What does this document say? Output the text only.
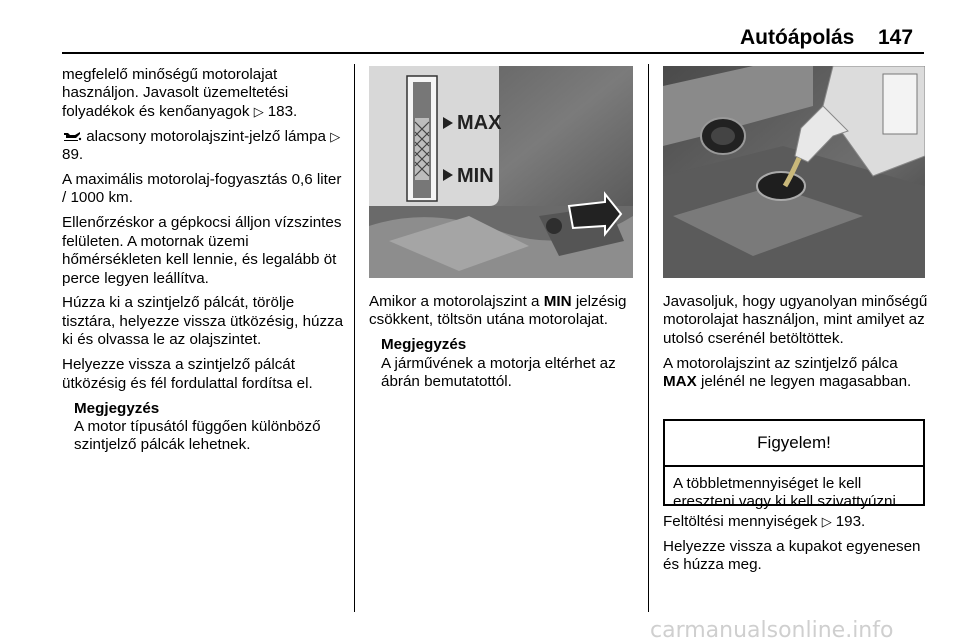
Autóápolás 147

megfelelő minőségű motorolajat használjon. Javasolt üzemeltetési folyadékok és kenőanyagok ▷ 183.

alacsony motorolajszint-jelző lámpa ▷89.

A maximális motorolaj-fogyasztás 0,6 liter / 1000 km.

Ellenőrzéskor a gépkocsi álljon vízszintes felületen. A motornak üzemi hőmérsékleten kell lennie, és legalább öt perce legyen leállítva.

Húzza ki a szintjelző pálcát, törölje tisztára, helyezze vissza ütközésig, húzza ki és olvassa le az olajszintet.

Helyezze vissza a szintjelző pálcát ütközésig és fél fordulattal fordítsa el.

Megjegyzés
A motor típusától függően különböző szintjelző pálcák lehetnek.
MAX
MIN

Amikor a motorolajszint a MIN jelzésig csökkent, töltsön utána motorolajat.

Megjegyzés
A járművének a motorja eltérhet az ábrán bemutatottól.

Javasoljuk, hogy ugyanolyan minőségű motorolajat használjon, mint amilyet az utolsó cserénél betöltöttek.

A motorolajszint az szintjelző pálca MAX jelénél ne legyen magasabban.

Figyelem!
A többletmennyiséget le kell ereszteni vagy ki kell szivattyúzni.

Feltöltési mennyiségek ▷ 193.

Helyezze vissza a kupakot egyenesen és húzza meg.

carmanualsonline.info
